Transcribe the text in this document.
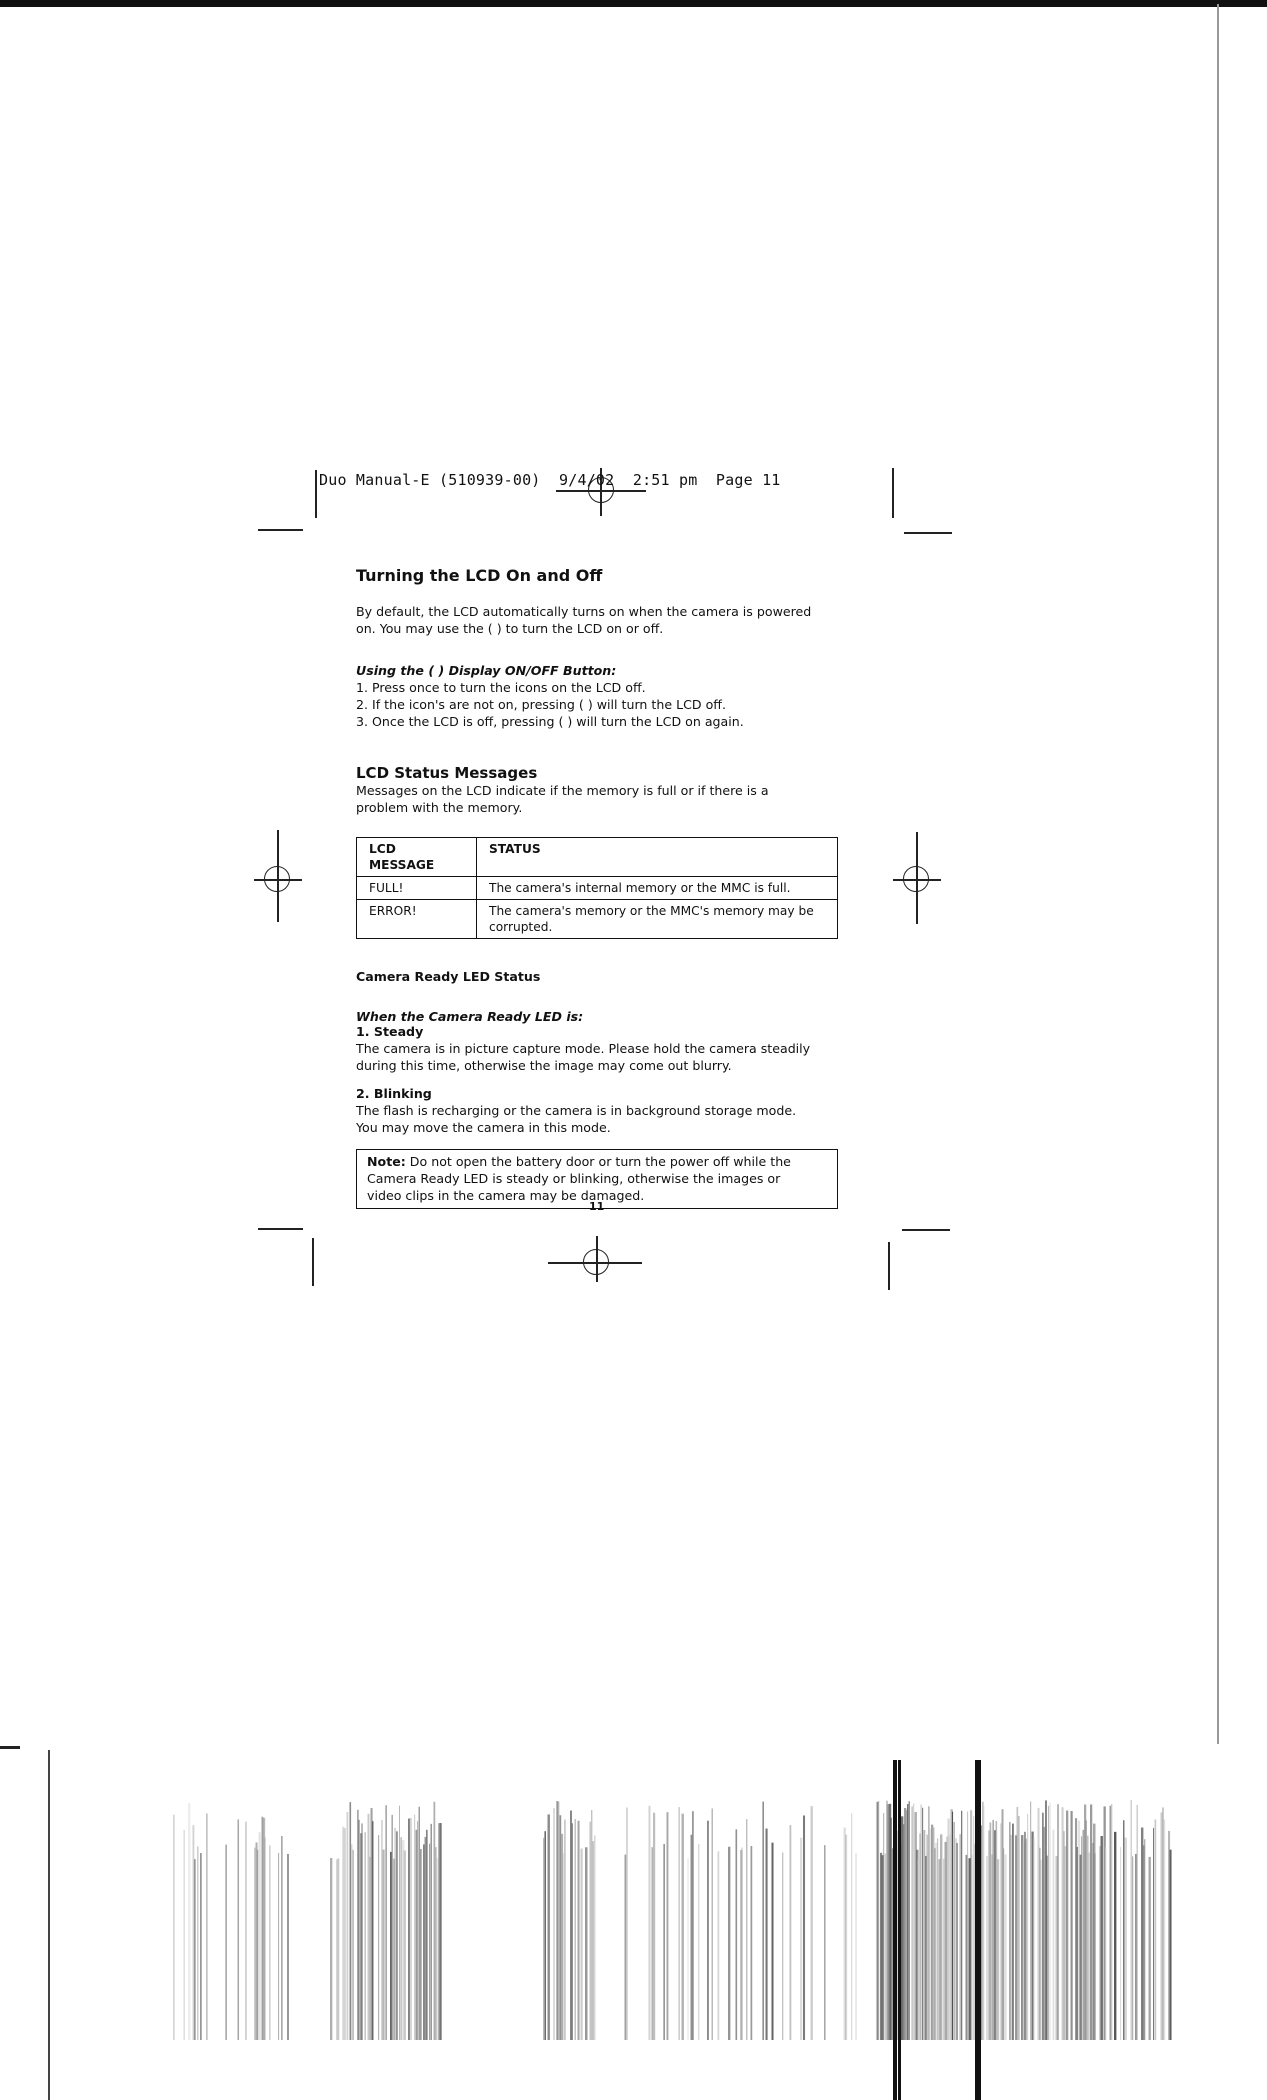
Duo Manual-E (510939-00)  9/4/02  2:51 pm  Page 11
Turning the LCD On and Off
By default, the LCD automatically turns on when the camera is powered
on. You may use the ( ) to turn the LCD on or off.
Using the ( ) Display ON/OFF Button:
1. Press once to turn the icons on the LCD off.
2. If the icon's are not on, pressing ( ) will turn the LCD off.
3. Once the LCD is off, pressing ( ) will turn the LCD on again.
LCD Status Messages
Messages on the LCD indicate if the memory is full or if there is a
problem with the memory.
LCD MESSAGE	STATUS
FULL!	The camera's internal memory or the MMC is full.
ERROR!	The camera's memory or the MMC's memory may be corrupted.
Camera Ready LED Status
When the Camera Ready LED is:
1. Steady
The camera is in picture capture mode. Please hold the camera steadily
during this time, otherwise the image may come out blurry.
2. Blinking
The flash is recharging or the camera is in background storage mode.
You may move the camera in this mode.
Note: Do not open the battery door or turn the power off while the
Camera Ready LED is steady or blinking, otherwise the images or
video clips in the camera may be damaged.
11
